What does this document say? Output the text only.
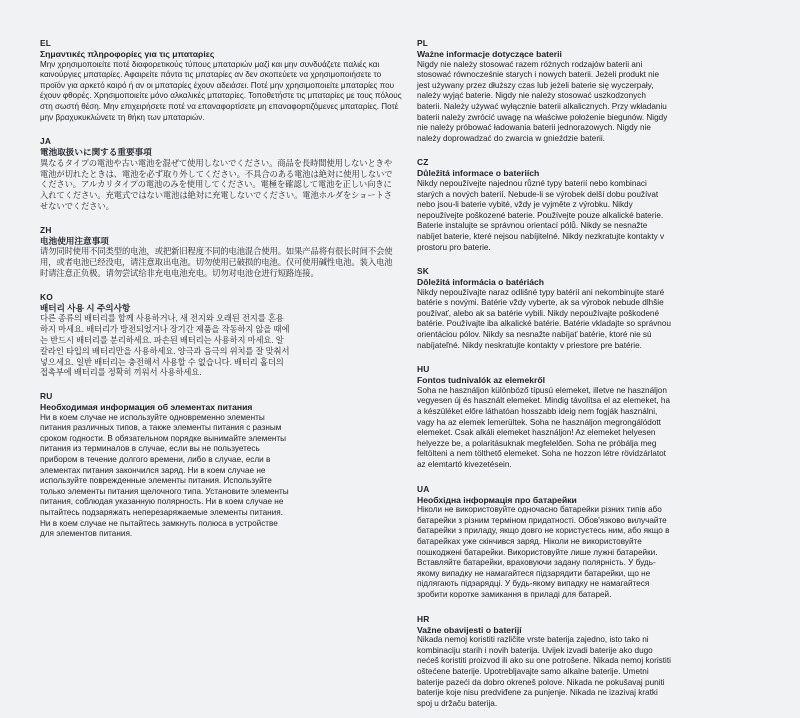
EL
Σημαντικές πληροφορίες για τις μπαταρίες

Μην χρησιμοποιείτε ποτέ διαφορετικούς τύπους μπαταριών μαζί και μην συνδυάζετε παλιές και καινούργιες μπαταρίες. Αφαιρείτε πάντα τις μπαταρίες αν δεν σκοπεύετε να χρησιμοποιήσετε το προϊόν για αρκετό καιρό ή αν οι μπαταρίες έχουν αδειάσει. Ποτέ μην χρησιμοποιείτε μπαταρίες που έχουν φθορές. Χρησιμοποιείτε μόνο αλκαλικές μπαταρίες. Τοποθετήστε τις μπαταρίες με τους πόλους στη σωστή θέση. Μην επιχειρήσετε ποτέ να επαναφορτίσετε μη επαναφορτιζόμενες μπαταρίες. Ποτέ μην βραχυκυκλώνετε τη θήκη των μπαταριών.

JA
電池取扱いに関する重要事項

異なるタイプの電池や古い電池を混ぜて使用しないでください。商品を長時間使用しないときや電池が切れたときは、電池を必ず取り外してください。不具合のある電池は絶対に使用しないでください。アルカリタイプの電池のみを使用してください。電極を確認して電池を正しい向きに入れてください。充電式ではない電池は絶対に充電しないでください。電池ホルダをショートさせないでください。

ZH
电池使用注意事项

请勿同时使用不同类型的电池，或把新旧程度不同的电池混合使用。如果产品将有很长时间不会使用，或者电池已经没电，请注意取出电池。切勿使用已破损的电池。仅可使用碱性电池。装入电池时请注意正负极。请勿尝试给非充电电池充电。切勿对电池仓进行短路连接。

KO
배터리 사용 시 주의사항

다른 종류의 배터리를 함께 사용하거나, 새 전지와 오래된 전지를 혼용하지 마세요. 배터리가 방전되었거나 장기간 제품을 작동하지 않을 때에는 반드시 배터리를 분리하세요. 파손된 배터리는 사용하지 마세요. 알칼라인 타입의 배터리만을 사용하세요. 양극과 음극의 위치를 잘 맞춰서 넣으세요. 일반 배터리는 충전해서 사용할 수 없습니다. 배터리 홀더의 접촉부에 배터리를 정확히 끼워서 사용하세요.

RU
Необходимая информация об элементах питания

Ни в коем случае не используйте одновременно элементы питания различных типов, а также элементы питания с разным сроком годности. В обязательном порядке вынимайте элементы питания из терминалов в случае, если вы не пользуетесь прибором в течение долгого времени, либо в случае, если в элементах питания закончился заряд. Ни в коем случае не используйте поврежденные элементы питания. Используйте только элементы питания щелочного типа. Установите элементы питания, соблюдая указанную полярность. Ни в коем случае не пытайтесь подзаряжать неперезаряжаемые элементы питания. Ни в коем случае не пытайтесь замкнуть полюса в устройстве для элементов питания.

PL
Ważne informacje dotyczące baterii

Nigdy nie należy stosować razem różnych rodzajów baterii ani stosować równocześnie starych i nowych baterii. Jeżeli produkt nie jest używany przez dłuższy czas lub jeżeli baterie się wyczerpały, należy wyjąć baterie. Nigdy nie należy stosować uszkodzonych baterii. Należy używać wyłącznie baterii alkalicznych. Przy wkładaniu baterii należy zwrócić uwagę na właściwe położenie biegunów. Nigdy nie należy próbować ładowania baterii jednorazowych. Nigdy nie należy doprowadzać do zwarcia w gnieździe baterii.

CZ
Důležitá informace o bateriích

Nikdy nepoužívejte najednou různé typy baterií nebo kombinaci starých a nových baterií. Nebude-li se výrobek delší dobu používat nebo jsou-li baterie vybité, vždy je vyjměte z výrobku. Nikdy nepoužívejte poškozené baterie. Používejte pouze alkalické baterie. Baterie instalujte se správnou orientací pólů. Nikdy se nesnažte nabíjet baterie, které nejsou nabíjitelné. Nikdy nezkratujte kontakty v prostoru pro baterie.

SK
Dôležitá informácia o batériách

Nikdy nepoužívajte naraz odlišné typy batérií ani nekombinujte staré batérie s novými. Batérie vždy vyberte, ak sa výrobok nebude dlhšie používať, alebo ak sa batérie vybili. Nikdy nepoužívajte poškodené batérie. Používajte iba alkalické batérie. Batérie vkladajte so správnou orientáciou pólov. Nikdy sa nesnažte nabíjať batérie, ktoré nie sú nabíjateľné. Nikdy neskratujte kontakty v priestore pre batérie.

HU
Fontos tudnivalók az elemekről

Soha ne használjon különböző típusú elemeket, illetve ne használjon vegyesen új és használt elemeket. Mindig távolítsa el az elemeket, ha a készüléket előre láthatóan hosszabb ideig nem fogják használni, vagy ha az elemek lemerültek. Soha ne használjon megrongálódott elemeket. Csak alkáli elemeket használjon! Az elemeket helyesen helyezze be, a polaritásuknak megfelelően. Soha ne próbálja meg feltölteni a nem tölthető elemeket. Soha ne hozzon létre rövidzárlatot az elemtartó kivezetésein.

UA
Необхідна інформація про батарейки

Ніколи не використовуйте одночасно батарейки різних типів або батарейки з різним терміном придатності. Обов'язково вилучайте батарейки з приладу, якщо довго не користуєтесь ним, або якщо в батарейках уже скінчився заряд. Ніколи не використовуйте пошкоджені батарейки. Використовуйте лише лужні батарейки. Вставляйте батарейки, враховуючи задану полярність. У будь-якому випадку не намагайтеся підзарядити батарейки, що не підлягають підзарядці. У будь-якому випадку не намагайтеся зробити коротке замикання в приладі для батарей.

HR
Važne obavijesti o baterijí

Nikada nemoj koristiti različite vrste baterija zajedno, isto tako ni kombinaciju starih i novih baterija. Uvijek izvadi baterije ako dugo nećeš koristiti proizvod ili ako su one potrošene. Nikada nemoj koristiti oštećene baterije. Upotrebljavajte samo alkalne baterije. Umetni baterije pazeći da dobro okreneš polove. Nikada ne pokušavaj puniti baterije koje nisu predviđene za punjenje. Nikada ne izazivaj kratki spoj u držaču baterija.
